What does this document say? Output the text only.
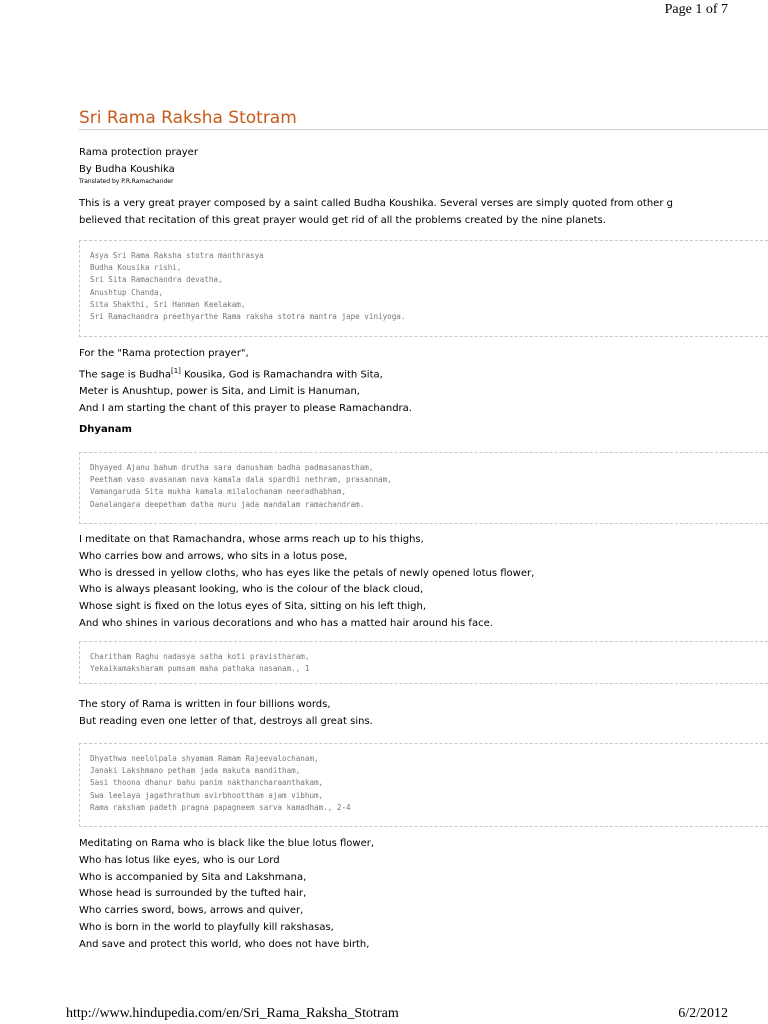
Page 1 of 7
Sri Rama Raksha Stotram
Rama protection prayer
By Budha Koushika
Translated by P.R.Ramachander
This is a very great prayer composed by a saint called Budha Koushika. Several verses are simply quoted from other g
believed that recitation of this great prayer would get rid of all the problems created by the nine planets.
Asya Sri Rama Raksha stotra manthrasya
Budha Kousika rishi,
Sri Sita Ramachandra devatha,
Anushtup Chanda,
Sita Shakthi, Sri Hanman Keelakam,
Sri Ramachandra preethyarthe Rama raksha stotra mantra jape viniyoga.
For the "Rama protection prayer",
The sage is Budha[1] Kousika, God is Ramachandra with Sita,
Meter is Anushtup, power is Sita, and Limit is Hanuman,
And I am starting the chant of this prayer to please Ramachandra.
Dhyanam
Dhyayed Ajanu bahum drutha sara danusham badha padmasanastham,
Peetham vaso avasanam nava kamala dala spardhi nethram, prasannam,
Vamangaruda Sita mukha kamala milalochanam neeradhabham,
Danalangara deepetham datha muru jada mandalam ramachandram.
I meditate on that Ramachandra, whose arms reach up to his thighs,
Who carries bow and arrows, who sits in a lotus pose,
Who is dressed in yellow cloths, who has eyes like the petals of newly opened lotus flower,
Who is always pleasant looking, who is the colour of the black cloud,
Whose sight is fixed on the lotus eyes of Sita, sitting on his left thigh,
And who shines in various decorations and who has a matted hair around his face.
Charitham Raghu nadasya satha koti pravistharam,
Yekaikamaksharam pumsam maha pathaka nasanam., 1
The story of Rama is written in four billions words,
But reading even one letter of that, destroys all great sins.
Dhyathwa neelolpala shyamam Ramam Rajeevalochanam,
Janaki Lakshmano petham jada makuta manditham,
Sasi thoona dhanur bahu panim nakthancharaanthakam,
Swa leelaya jagathrathum avirbhoottham ajam vibhum,
Rama raksham padeth pragna papagneem sarva kamadham., 2-4
Meditating on Rama who is black like the blue lotus flower,
Who has lotus like eyes, who is our Lord
Who is accompanied by Sita and Lakshmana,
Whose head is surrounded by the tufted hair,
Who carries sword, bows, arrows and quiver,
Who is born in the world to playfully kill rakshasas,
And save and protect this world, who does not have birth,
http://www.hindupedia.com/en/Sri_Rama_Raksha_Stotram	6/2/2012
